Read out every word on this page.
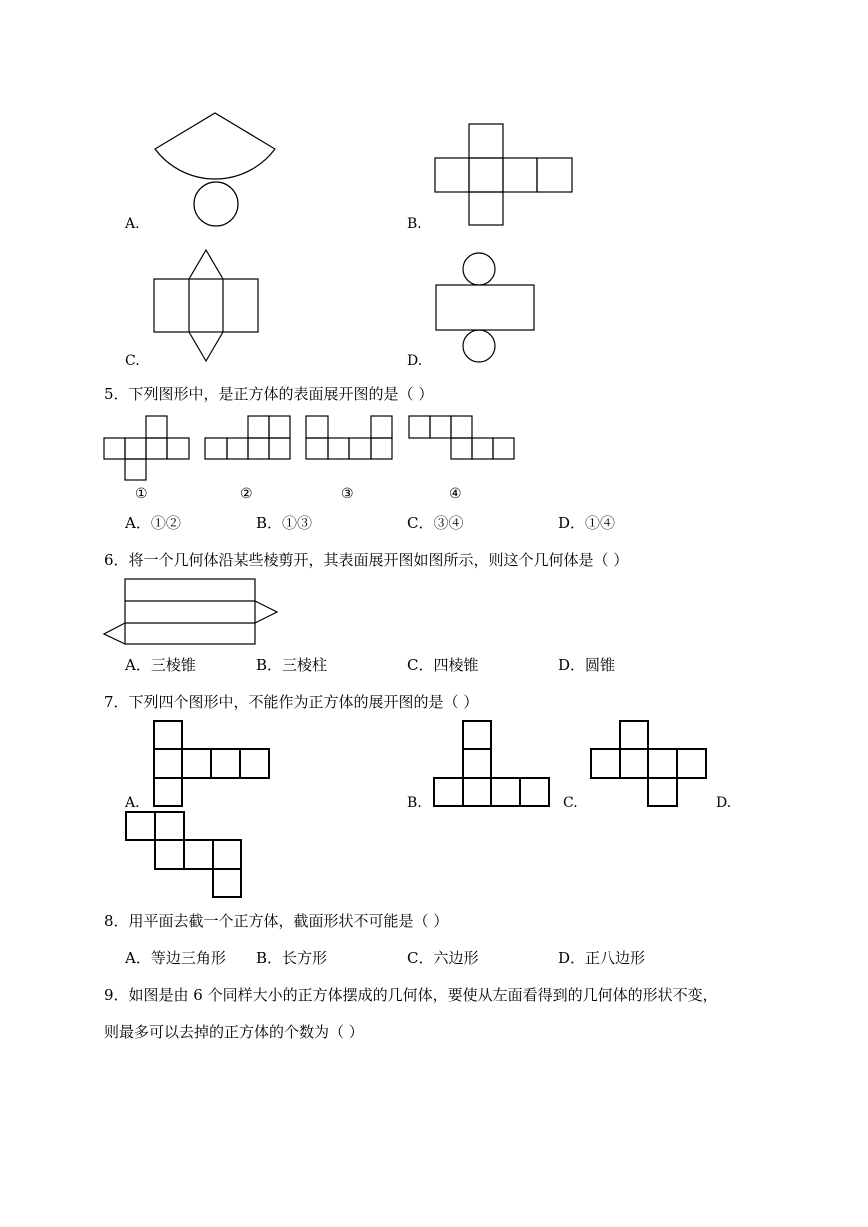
A.	B.
C.	D.
5．下列图形中，是正方体的表面展开图的是（ ）
①	②	③	④
A．①②	B．①③	C．③④	D．①④
6．将一个几何体沿某些棱剪开，其表面展开图如图所示，则这个几何体是（ ）
A．三棱锥	B．三棱柱	C．四棱锥	D．圆锥
7．下列四个图形中，不能作为正方体的展开图的是（ ）
A.	B.	C.	D.
8．用平面去截一个正方体，截面形状不可能是（ ）
A．等边三角形 B．长方形	C．六边形	D．正八边形
9．如图是由 6 个同样大小的正方体摆成的几何体，要使从左面看得到的几何体的形状不变，
则最多可以去掉的正方体的个数为（ ）
